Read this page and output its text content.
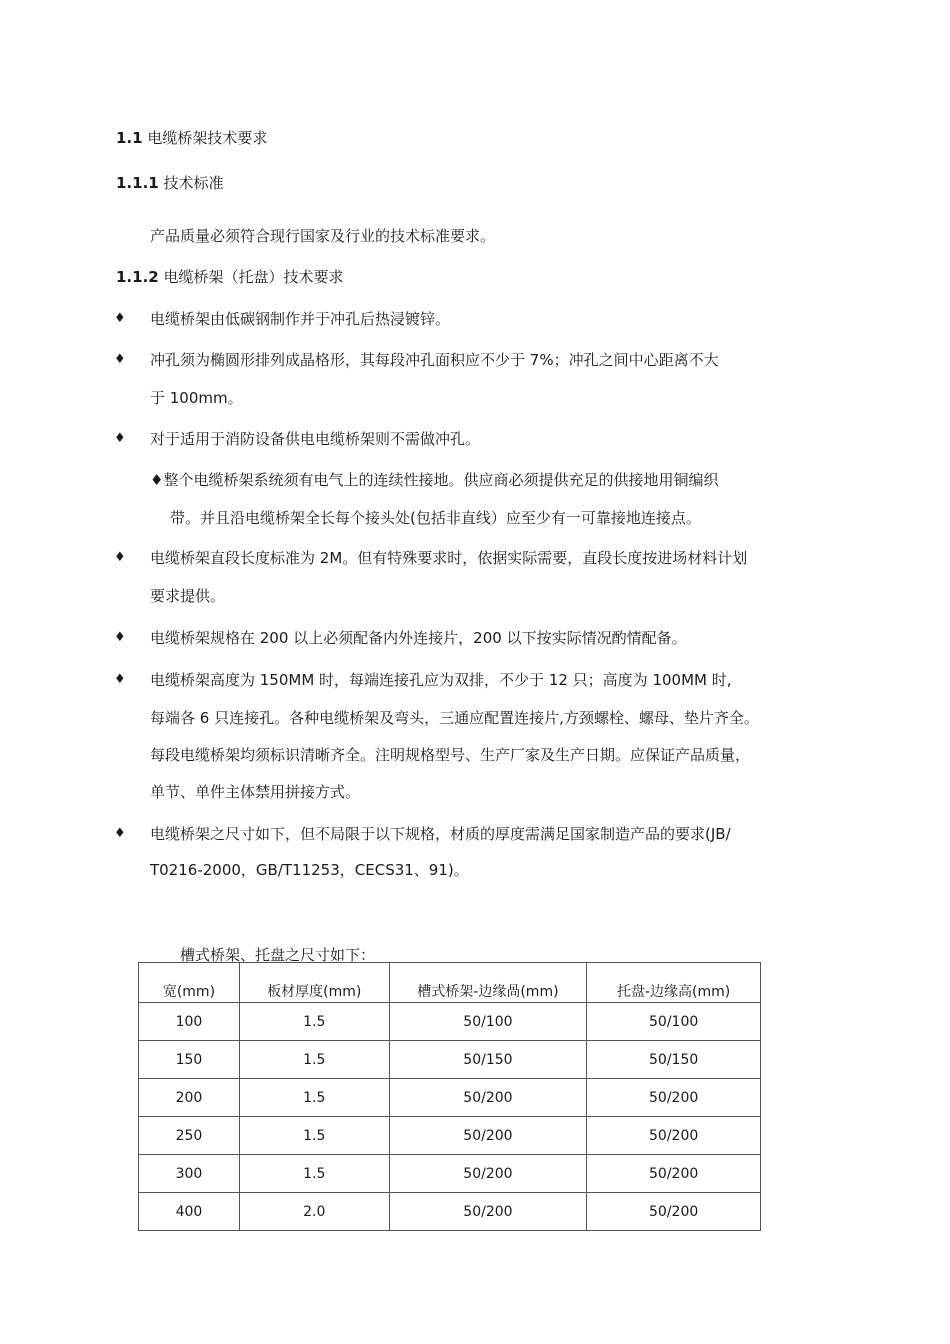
1.1 电缆桥架技术要求
1.1.1 技术标准
产品质量必须符合现行国家及行业的技术标准要求。
1.1.2 电缆桥架（托盘）技术要求
♦ 电缆桥架由低碳钢制作并于冲孔后热浸镀锌。
♦ 冲孔须为椭圆形排列成晶格形，其每段冲孔面积应不少于 7%；冲孔之间中心距离不大
于 100mm。
♦ 对于适用于消防设备供电电缆桥架则不需做冲孔。
♦整个电缆桥架系统须有电气上的连续性接地。供应商必须提供充足的供接地用铜编织
带。并且沿电缆桥架全长每个接头处(包括非直线）应至少有一可靠接地连接点。
♦ 电缆桥架直段长度标准为 2M。但有特殊要求时，依据实际需要，直段长度按进场材料计划
要求提供。
♦ 电缆桥架规格在 200 以上必须配备内外连接片，200 以下按实际情况酌情配备。
♦ 电缆桥架高度为 150MM 时，每端连接孔应为双排，不少于 12 只；高度为 100MM 时,
每端各 6 只连接孔。各种电缆桥架及弯头，三通应配置连接片,方颈螺栓、螺母、垫片齐全。
每段电缆桥架均须标识清晰齐全。注明规格型号、生产厂家及生产日期。应保证产品质量，
单节、单件主体禁用拼接方式。
♦ 电缆桥架之尺寸如下，但不局限于以下规格，材质的厚度需满足国家制造产品的要求(JB/
T0216-2000，GB/T11253，CECS31、91)。
槽式桥架、托盘之尺寸如下：
宽(mm)	板材厚度(mm)	槽式桥架-边缘咼(mm)	托盘-边缘高(mm)
100	1.5	50/100	50/100
150	1.5	50/150	50/150
200	1.5	50/200	50/200
250	1.5	50/200	50/200
300	1.5	50/200	50/200
400	2.0	50/200	50/200
